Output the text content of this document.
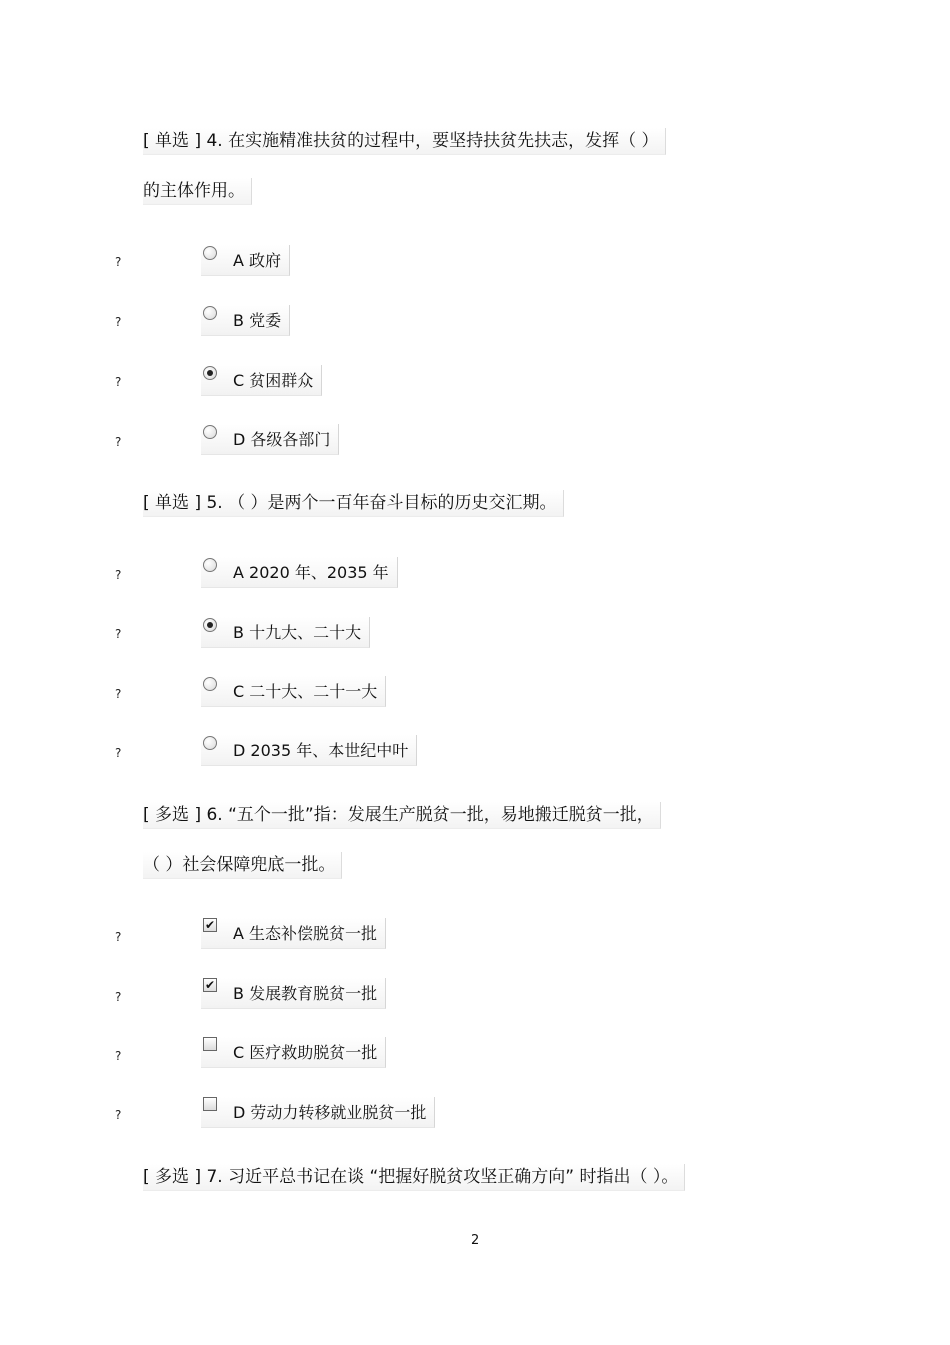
[ 单选 ] 4. 在实施精准扶贫的过程中，要坚持扶贫先扶志，发挥（ ）
的主体作用。
?	A 政府
?	B 党委
?	C 贫困群众
?	D 各级各部门
[ 单选 ] 5. （ ）是两个一百年奋斗目标的历史交汇期。
?	A 2020 年、2035 年
?	B 十九大、二十大
?	C 二十大、二十一大
?	D 2035 年、本世纪中叶
[ 多选 ] 6. “五个一批”指：发展生产脱贫一批，易地搬迁脱贫一批，
（ ）社会保障兜底一批。
?
✔ A 生态补偿脱贫一批
?
✔ B 发展教育脱贫一批
?	C 医疗救助脱贫一批
?	D 劳动力转移就业脱贫一批
[ 多选 ] 7. 习近平总书记在谈 “把握好脱贫攻坚正确方向” 时指出（ ）。
2
